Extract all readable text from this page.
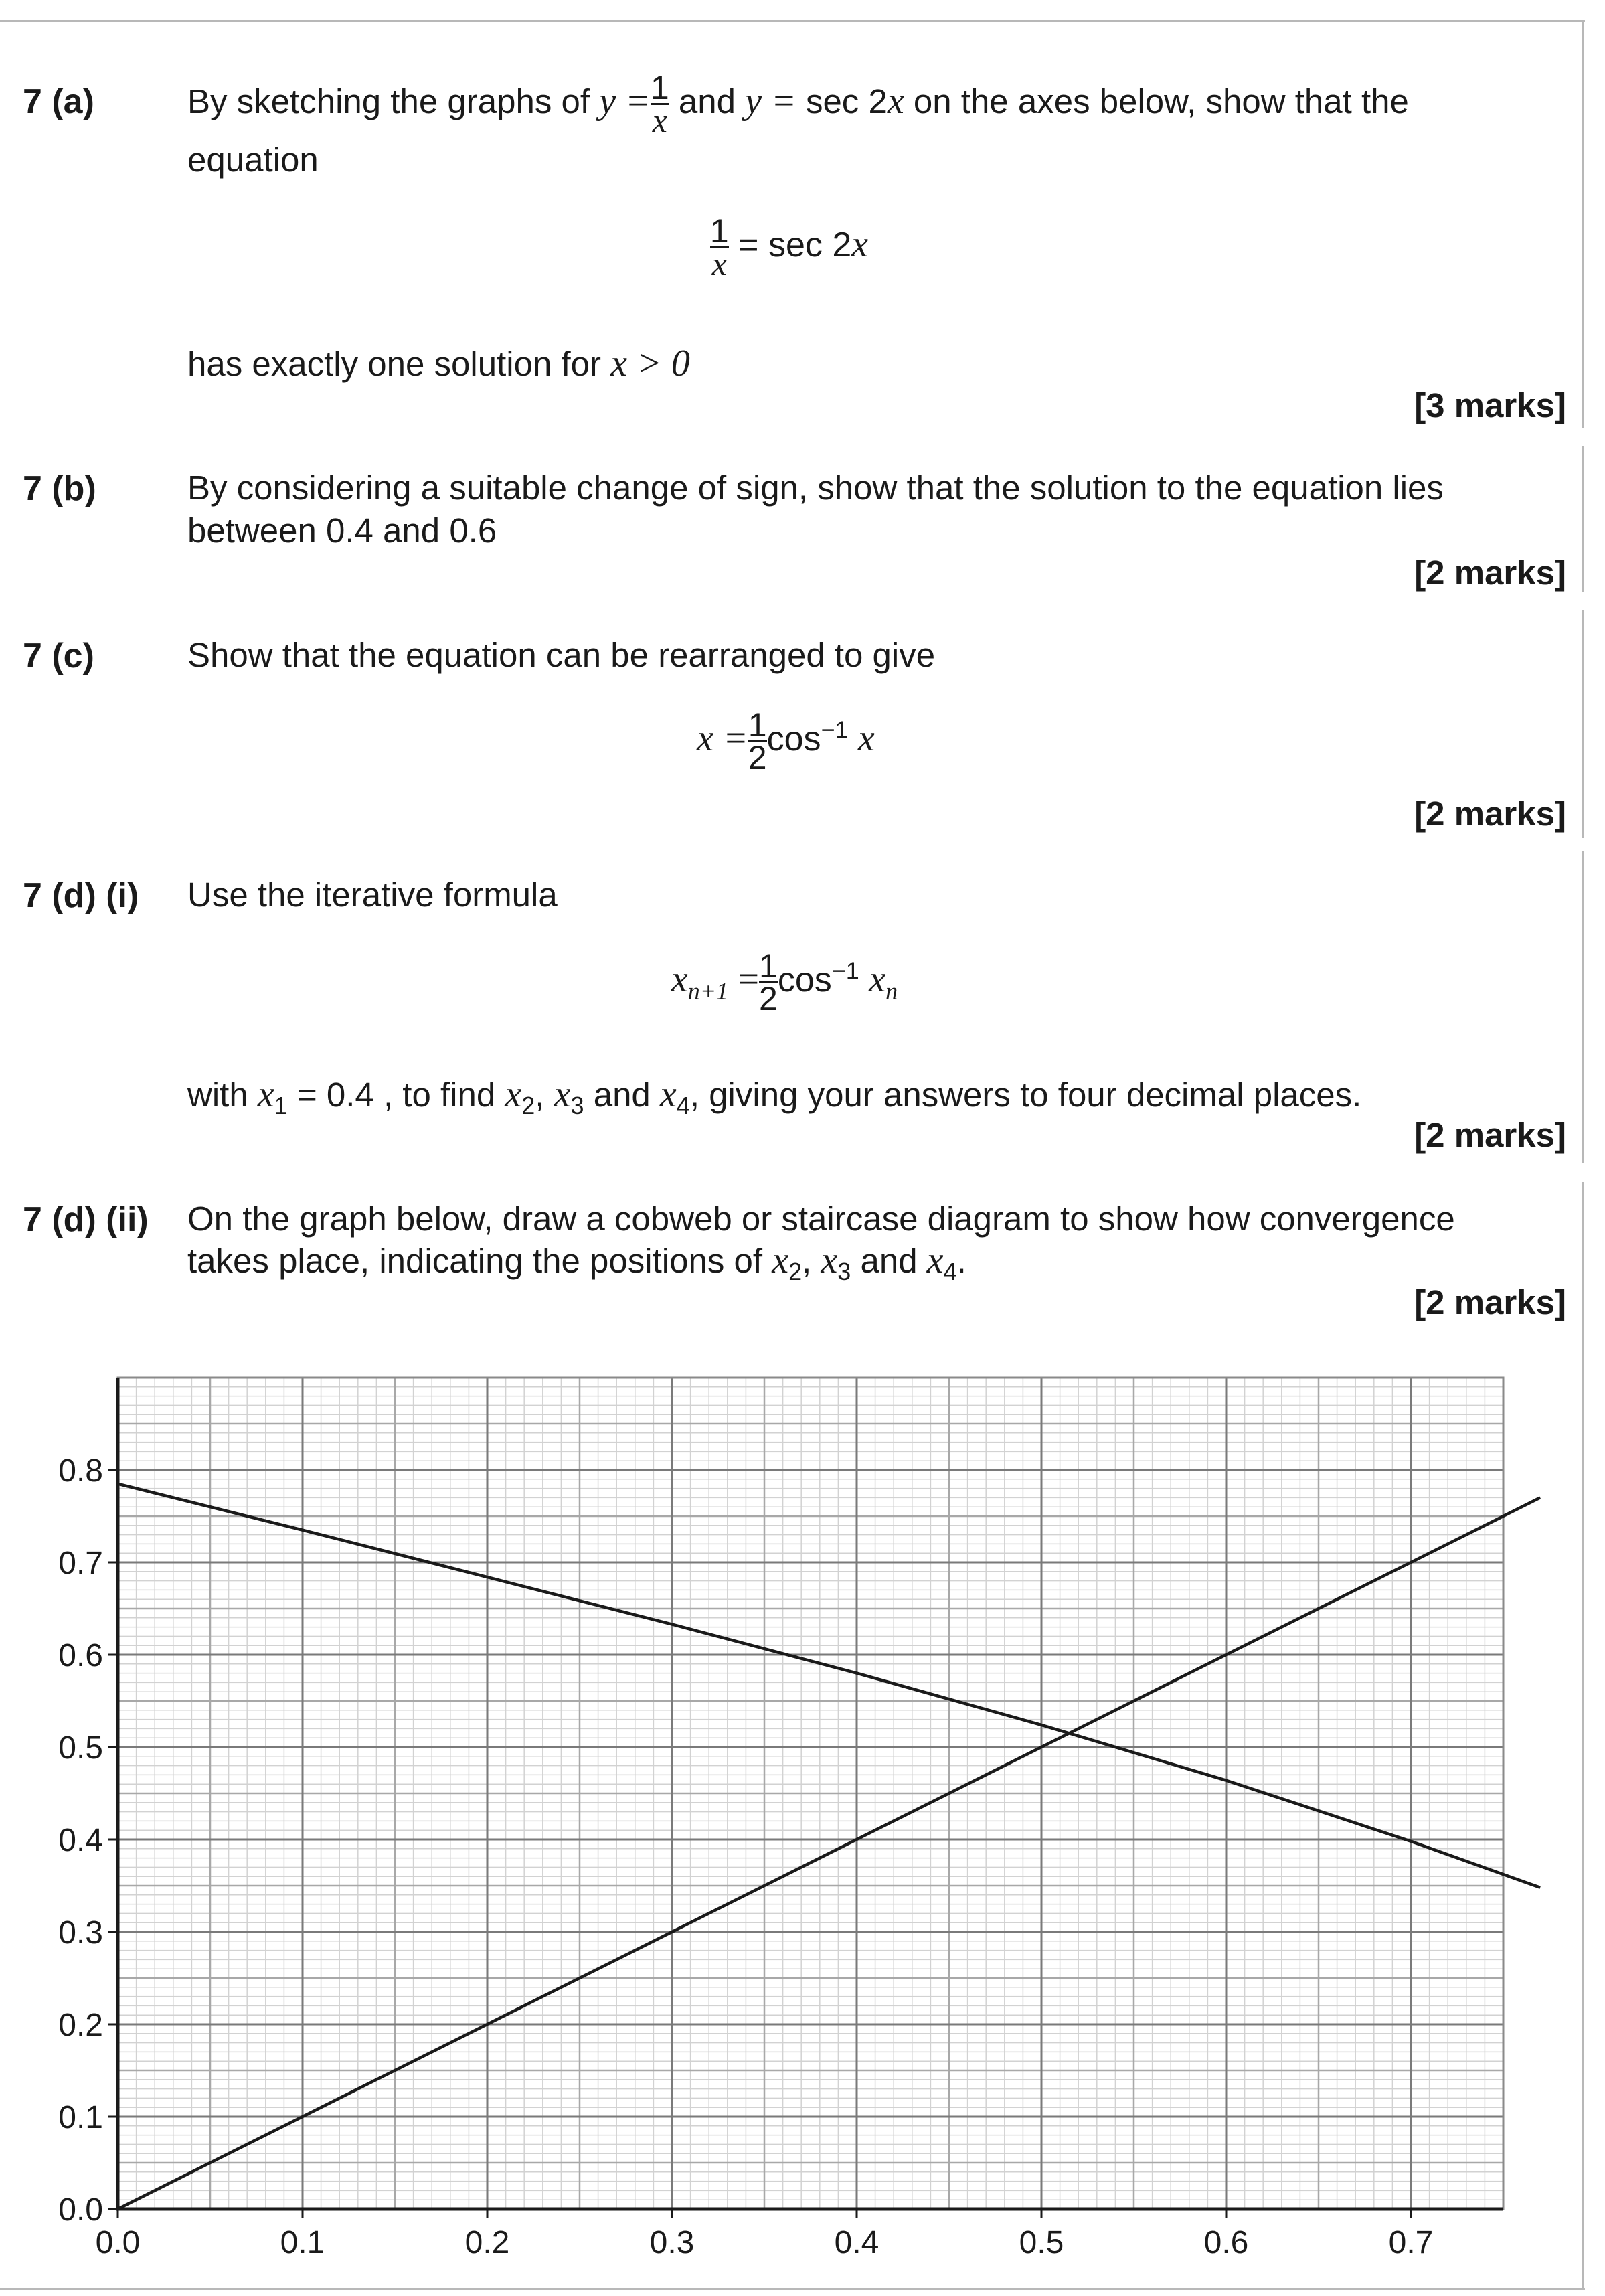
7 (a)	By sketching the graphs of $y = \frac{1}{x}$ and y = sec 2x on the axes below, show that the
equation
$\frac{1}{x} = \sec 2x$
has exactly one solution for x > 0
[3 marks]
7 (b)	By considering a suitable change of sign, show that the solution to the equation lies
between 0.4 and 0.6
[2 marks]
7 (c)	Show that the equation can be rearranged to give
$x = \frac{1}{2} \cos^{-1} x$
[2 marks]
7 (d) (i) Use the iterative formula
$x_{n+1} = \frac{1}{2} \cos^{-1} x_n$
with $x_1 = 0.4$ , to find $x_2$, $x_3$ and $x_4$, giving your answers to four decimal places.
[2 marks]
7 (d) (ii) On the graph below, draw a cobweb or staircase diagram to show how convergence
takes place, indicating the positions of $x_2$, $x_3$ and $x_4$.
[2 marks]
0.0	0.1	0.2	0.3	0.4	0.5	0.6	0.7
0.0
0.1
0.2
0.3
0.4
0.5
0.6
0.7
0.8
